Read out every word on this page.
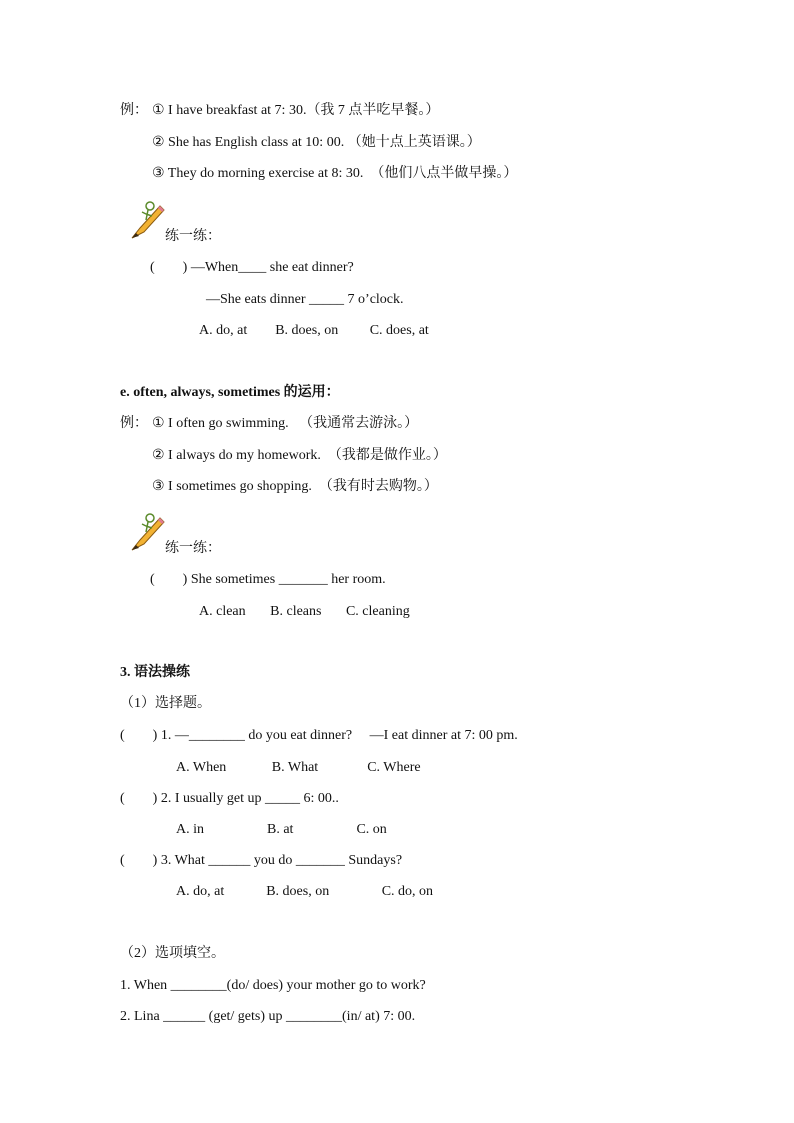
例： ① I have breakfast at 7: 30.（我 7 点半吃早餐。）
② She has English class at 10: 00. （她十点上英语课。）
③ They do morning exercise at 8: 30.  （他们八点半做早操。）
练一练：
(        ) —When____ she eat dinner?
—She eats dinner _____ 7 o’clock.
A. do, at        B. does, on         C. does, at
e. often, always, sometimes 的运用：
例： ① I often go swimming.   （我通常去游泳。）
② I always do my homework.  （我都是做作业。）
③ I sometimes go shopping.  （我有时去购物。）
练一练：
(        ) She sometimes _______ her room.
A. clean       B. cleans       C. cleaning
3. 语法操练
（1）选择题。
(        ) 1. —________ do you eat dinner?     —I eat dinner at 7: 00 pm.
A. When             B. What              C. Where
(        ) 2. I usually get up _____ 6: 00..
A. in                  B. at                  C. on
(        ) 3. What ______ you do _______ Sundays?
A. do, at            B. does, on               C. do, on
（2）选项填空。
1. When ________(do/ does) your mother go to work?
2. Lina ______ (get/ gets) up ________(in/ at) 7: 00.
